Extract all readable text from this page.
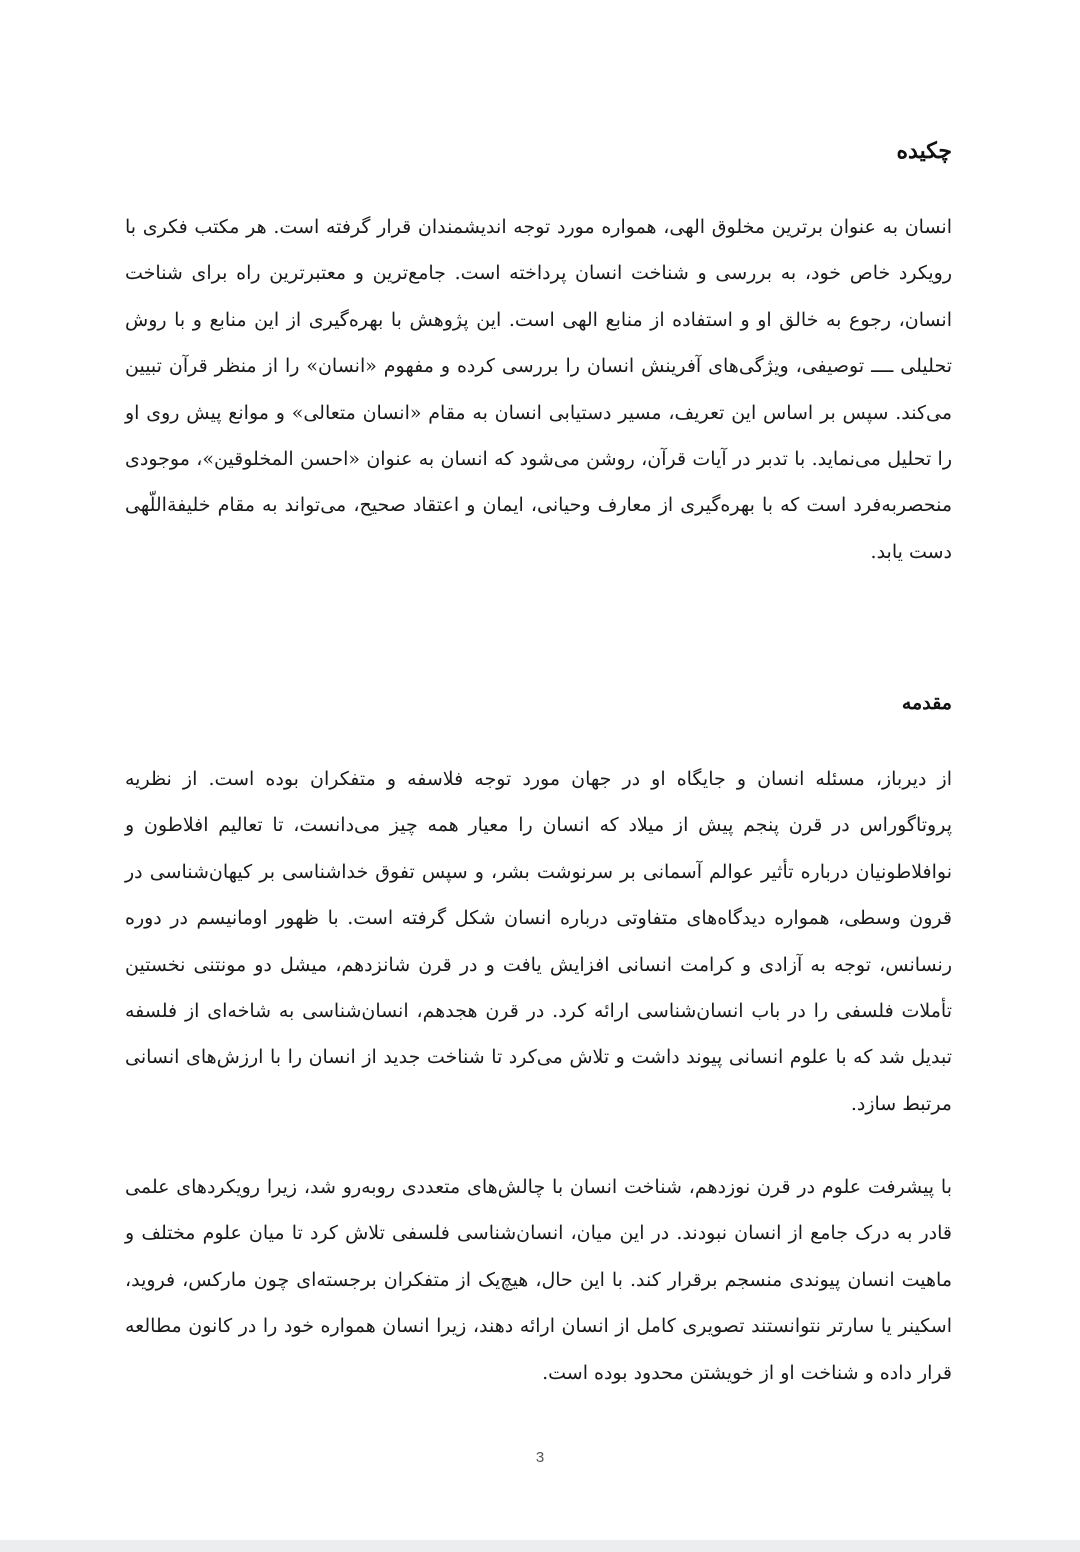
چکیده

انسان به عنوان برترین مخلوق الهی، همواره مورد توجه اندیشمندان قرار گرفته است. هر مکتب فکری با رویکرد خاص خود، به بررسی و شناخت انسان پرداخته است. جامع‌ترین و معتبرترین راه برای شناخت انسان، رجوع به خالق او و استفاده از منابع الهی است. این پژوهش با بهره‌گیری از این منابع و با روش تحلیلی ــــ توصیفی، ویژگی‌های آفرینش انسان را بررسی کرده و مفهوم «انسان» را از منظر قرآن تبیین می‌کند. سپس بر اساس این تعریف، مسیر دستیابی انسان به مقام «انسان متعالی» و موانع پیش روی او را تحلیل می‌نماید. با تدبر در آیات قرآن، روشن می‌شود که انسان به عنوان «احسن المخلوقین»، موجودی منحصر‌به‌فرد است که با بهره‌گیری از معارف وحیانی، ایمان و اعتقاد صحیح، می‌تواند به مقام خلیفة‌اللّهی دست یابد.

مقدمه

از دیرباز، مسئله انسان و جایگاه او در جهان مورد توجه فلاسفه و متفکران بوده است. از نظریه پروتاگوراس در قرن پنجم پیش از میلاد که انسان را معیار همه چیز می‌دانست، تا تعالیم افلاطون و نوافلاطونیان درباره تأثیر عوالم آسمانی بر سرنوشت بشر، و سپس تفوق خداشناسی بر کیهان‌شناسی در قرون وسطی، همواره دیدگاه‌های متفاوتی درباره انسان شکل گرفته است. با ظهور اومانیسم در دوره رنسانس، توجه به آزادی و کرامت انسانی افزایش یافت و در قرن شانزدهم، میشل دو مونتنی نخستین تأملات فلسفی را در باب انسان‌شناسی ارائه کرد. در قرن هجدهم، انسان‌شناسی به شاخه‌ای از فلسفه تبدیل شد که با علوم انسانی پیوند داشت و تلاش می‌کرد تا شناخت جدید از انسان را با ارزش‌های انسانی مرتبط سازد.

با پیشرفت علوم در قرن نوزدهم، شناخت انسان با چالش‌های متعددی روبه‌رو شد، زیرا رویکردهای علمی قادر به درک جامع از انسان نبودند. در این میان، انسان‌شناسی فلسفی تلاش کرد تا میان علوم مختلف و ماهیت انسان پیوندی منسجم برقرار کند. با این حال، هیچ‌یک از متفکران برجسته‌ای چون مارکس، فروید، اسکینر یا سارتر نتوانستند تصویری کامل از انسان ارائه دهند، زیرا انسان همواره خود را در کانون مطالعه قرار داده و شناخت او از خویشتن محدود بوده است.

3
